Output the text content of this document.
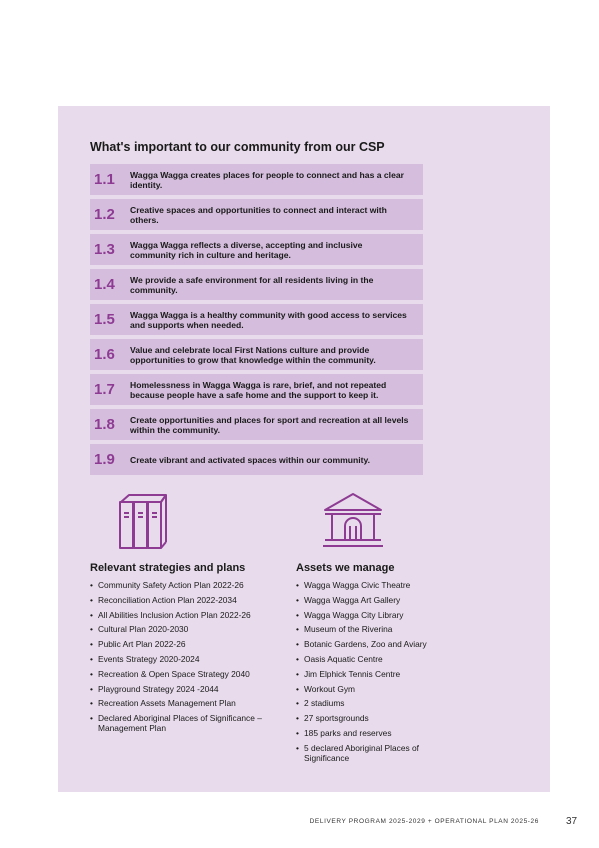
What's important to our community from our CSP
1.1	Wagga Wagga creates places for people to connect and has a clear identity.
1.2	Creative spaces and opportunities to connect and interact with others.
1.3	Wagga Wagga reflects a diverse, accepting and inclusive community rich in culture and heritage.
1.4	We provide a safe environment for all residents living in the community.
1.5	Wagga Wagga is a healthy community with good access to services and supports when needed.
1.6	Value and celebrate local First Nations culture and provide opportunities to grow that knowledge within the community.
1.7	Homelessness in Wagga Wagga is rare, brief, and not repeated because people have a safe home and the support to keep it.
1.8	Create opportunities and places for sport and recreation at all levels within the community.
1.9	Create vibrant and activated spaces within our community.
Relevant strategies and plans
• Community Safety Action Plan 2022-26
• Reconciliation Action Plan 2022-2034
• All Abilities Inclusion Action Plan 2022-26
• Cultural Plan 2020-2030
• Public Art Plan 2022-26
• Events Strategy 2020-2024
• Recreation & Open Space Strategy 2040
• Playground Strategy 2024 -2044
• Recreation Assets Management Plan
• Declared Aboriginal Places of Significance – Management Plan
Assets we manage
• Wagga Wagga Civic Theatre
• Wagga Wagga Art Gallery
• Wagga Wagga City Library
• Museum of the Riverina
• Botanic Gardens, Zoo and Aviary
• Oasis Aquatic Centre
• Jim Elphick Tennis Centre
• Workout Gym
• 2 stadiums
• 27 sportsgrounds
• 185 parks and reserves
• 5 declared Aboriginal Places of Significance
DELIVERY PROGRAM 2025-2029 + OPERATIONAL PLAN 2025-26	37
